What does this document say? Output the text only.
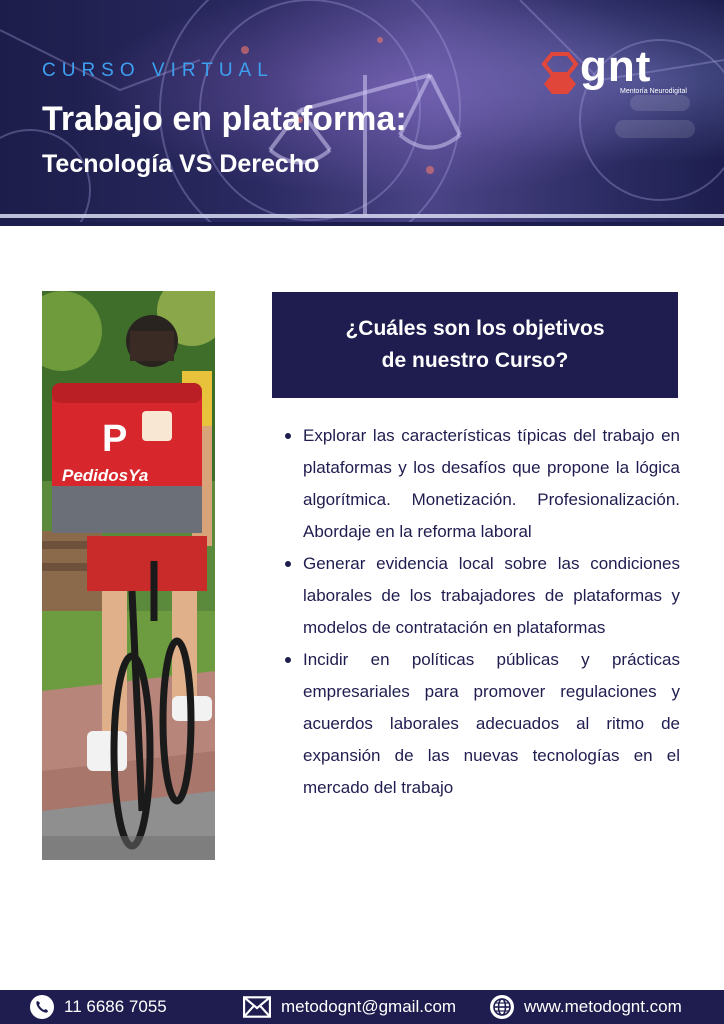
CURSO VIRTUAL
Trabajo en plataforma:
Tecnología VS Derecho
gnt
Mentoría Neurodigital
P
PedidosYa
¿Cuáles son los objetivos
de nuestro Curso?
Explorar las características típicas del trabajo en plataformas y los desafíos que propone la lógica algorítmica. Monetización. Profesionalización. Abordaje en la reforma laboral
Generar evidencia local sobre las condiciones laborales de los trabajadores de plataformas y modelos de contratación en plataformas
Incidir en políticas públicas y prácticas empresariales para promover regulaciones y acuerdos laborales adecuados al ritmo de expansión de las nuevas tecnologías en el mercado del trabajo
11 6686 7055	metodognt@gmail.com	www.metodognt.com
